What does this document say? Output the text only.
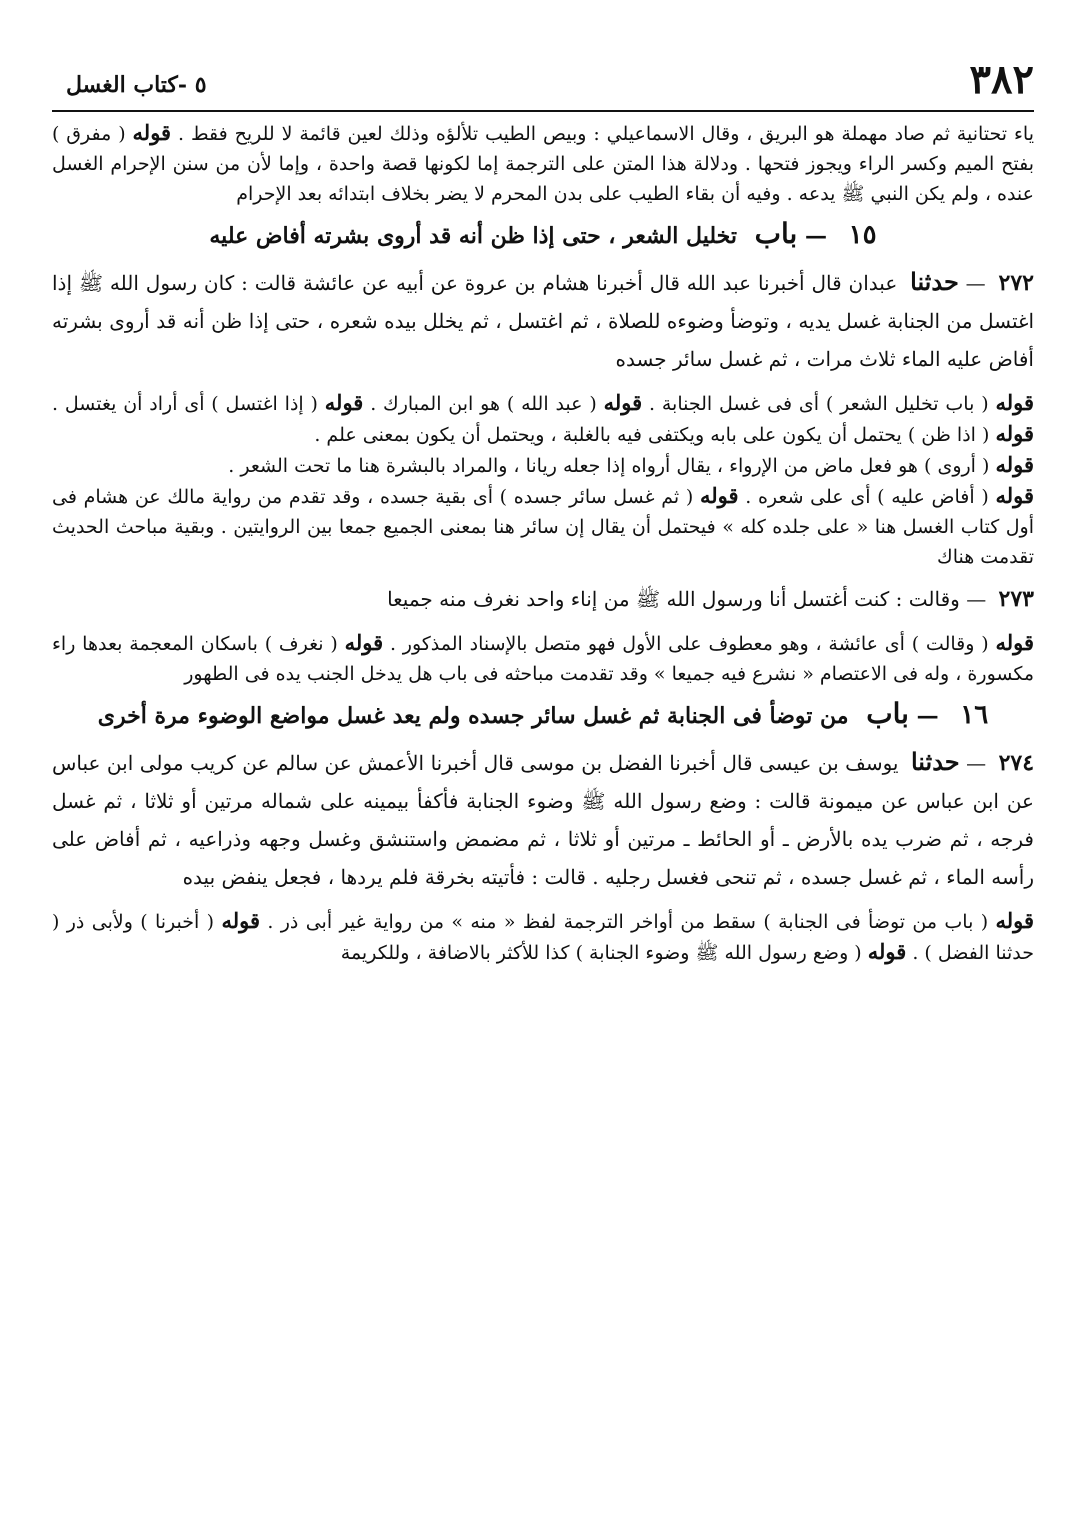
٣٨٢
٥ -كتاب الغسل

ياء تحتانية ثم صاد مهملة هو البريق ، وقال الاسماعيلي : وبيص الطيب تلألؤه وذلك لعين قائمة لا للريح فقط . قوله ( مفرق ) بفتح الميم وكسر الراء ويجوز فتحها . ودلالة هذا المتن على الترجمة إما لكونها قصة واحدة ، وإما لأن من سنن الإحرام الغسل عنده ، ولم يكن النبي ﷺ يدعه . وفيه أن بقاء الطيب على بدن المحرم لا يضر بخلاف ابتدائه بعد الإحرام

١٥ — باب تخليل الشعر ، حتى إذا ظن أنه قد أروى بشرته أفاض عليه

٢٧٢ — حدثنا عبدان قال أخبرنا عبد الله قال أخبرنا هشام بن عروة عن أبيه عن عائشة قالت : كان رسول الله ﷺ إذا اغتسل من الجنابة غسل يديه ، وتوضأ وضوءه للصلاة ، ثم اغتسل ، ثم يخلل بيده شعره ، حتى إذا ظن أنه قد أروى بشرته أفاض عليه الماء ثلاث مرات ، ثم غسل سائر جسده

قوله ( باب تخليل الشعر ) أى فى غسل الجنابة . قوله ( عبد الله ) هو ابن المبارك . قوله ( إذا اغتسل ) أى أراد أن يغتسل . قوله ( اذا ظن ) يحتمل أن يكون على بابه ويكتفى فيه بالغلبة ، ويحتمل أن يكون بمعنى علم .
قوله ( أروى ) هو فعل ماض من الإرواء ، يقال أرواه إذا جعله ريانا ، والمراد بالبشرة هنا ما تحت الشعر .
قوله ( أفاض عليه ) أى على شعره . قوله ( ثم غسل سائر جسده ) أى بقية جسده ، وقد تقدم من رواية مالك عن هشام فى أول كتاب الغسل هنا « على جلده كله » فيحتمل أن يقال إن سائر هنا بمعنى الجميع جمعا بين الروايتين . وبقية مباحث الحديث تقدمت هناك

٢٧٣ — وقالت : كنت أغتسل أنا ورسول الله ﷺ من إناء واحد نغرف منه جميعا

قوله ( وقالت ) أى عائشة ، وهو معطوف على الأول فهو متصل بالإسناد المذكور . قوله ( نغرف ) باسكان المعجمة بعدها راء مكسورة ، وله فى الاعتصام « نشرع فيه جميعا » وقد تقدمت مباحثه فى باب هل يدخل الجنب يده فى الطهور

١٦ — باب من توضأ فى الجنابة ثم غسل سائر جسده ولم يعد غسل مواضع الوضوء مرة أخرى

٢٧٤ — حدثنا يوسف بن عيسى قال أخبرنا الفضل بن موسى قال أخبرنا الأعمش عن سالم عن كريب مولى ابن عباس عن ابن عباس عن ميمونة قالت : وضع رسول الله ﷺ وضوء الجنابة فأكفأ بيمينه على شماله مرتين أو ثلاثا ، ثم غسل فرجه ، ثم ضرب يده بالأرض ـ أو الحائط ـ مرتين أو ثلاثا ، ثم مضمض واستنشق وغسل وجهه وذراعيه ، ثم أفاض على رأسه الماء ، ثم غسل جسده ، ثم تنحى فغسل رجليه . قالت : فأتيته بخرقة فلم يردها ، فجعل ينفض بيده

قوله ( باب من توضأ فى الجنابة ) سقط من أواخر الترجمة لفظ « منه » من رواية غير أبى ذر . قوله ( أخبرنا ) ولأبى ذر ( حدثنا الفضل ) . قوله ( وضع رسول الله ﷺ وضوء الجنابة ) كذا للأكثر بالاضافة ، وللكريمة
